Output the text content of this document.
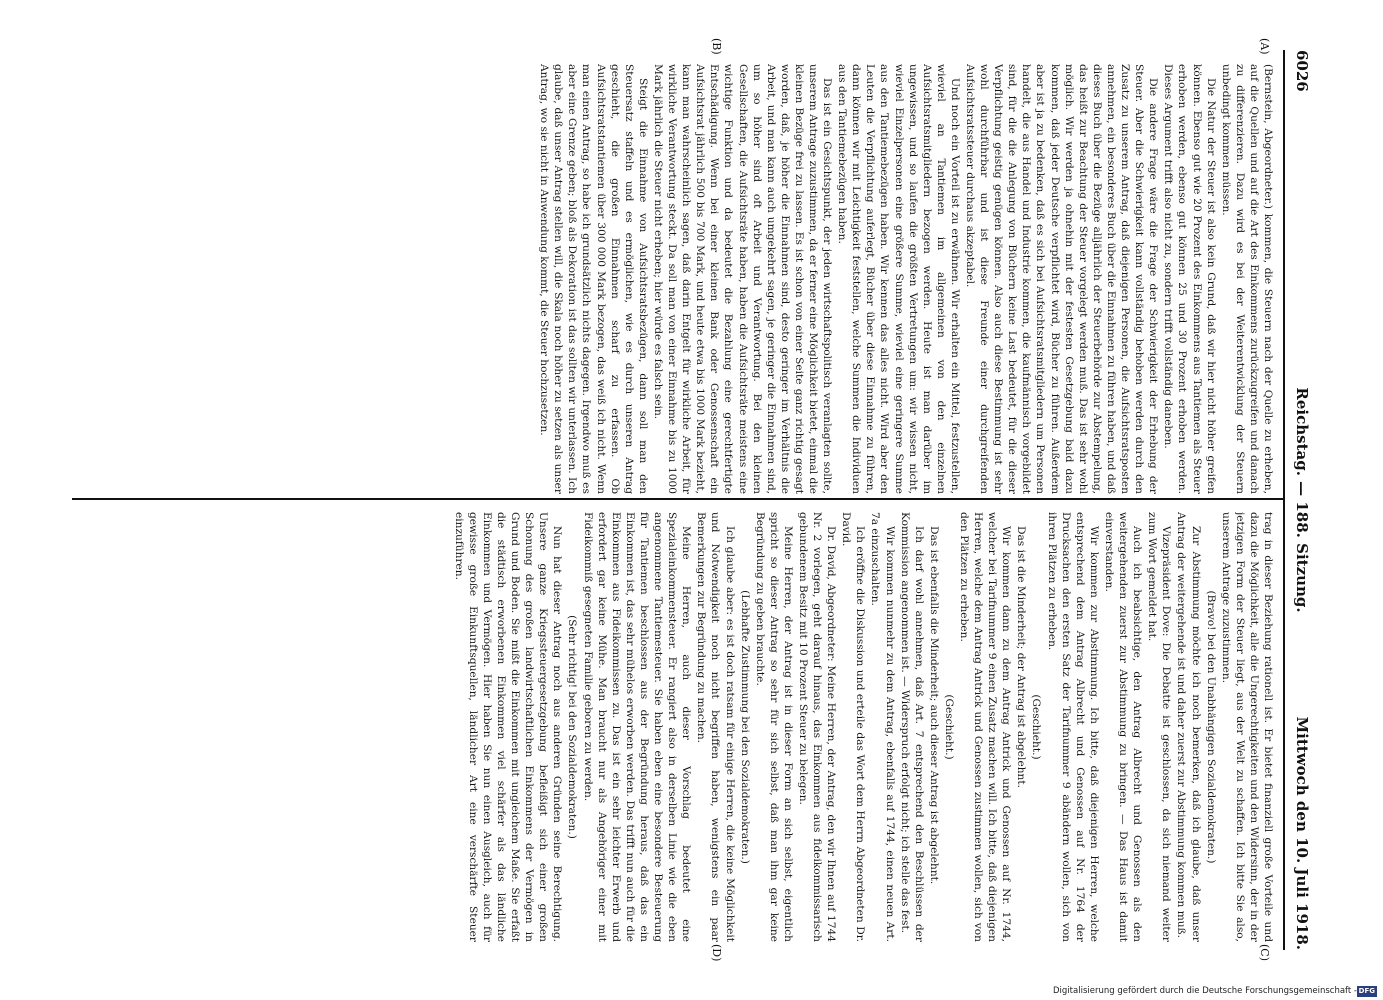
6026
Reichstag. — 188. Sitzung.
Mittwoch den 10. Juli 1918.
(A)
(B)
(C)
(D)

(Bernstein, Abgeordneter.) kommen, die Steuern nach der Quelle zu erheben, auf die Quellen und auf die Art des Einkommens zurückzugreifen und danach zu differenzieren. Dazu wird es bei der Weiterentwicklung der Steuern unbedingt kommen müssen.

Die Natur der Steuer ist also kein Grund, daß wir hier nicht höher greifen können. Ebenso gut wie 20 Prozent des Einkommens aus Tantiemen als Steuer erhoben werden, ebenso gut können 25 und 30 Prozent erhoben werden. Dieses Argument trifft also nicht zu, sondern trifft vollständig daneben.

Die andere Frage wäre die Frage der Schwierigkeit der Erhebung der Steuer. Aber die Schwierigkeit kann vollständig behoben werden durch den Zusatz zu unserem Antrag, daß diejenigen Personen, die Aufsichtsratsposten annehmen, ein besonderes Buch über die Einnahmen zu führen haben, und daß dieses Buch über die Bezüge alljährlich der Steuerbehörde zur Abstempelung, das heißt zur Beachtung der Steuer vorgelegt werden muß. Das ist sehr wohl möglich. Wir werden ja ohnehin mit der festesten Gesetzgebung bald dazu kommen, daß jeder Deutsche verpflichtet wird, Bücher zu führen. Außerdem aber ist ja zu bedenken, daß es sich bei Aufsichtsratsmitgliedern um Personen handelt, die aus Handel und Industrie kommen, die kaufmännisch vorgebildet sind, für die die Anlegung von Büchern keine Last bedeutet, für die dieser Verpflichtung geistig genügen können. Also auch diese Bestimmung ist sehr wohl durchführbar und ist diese Freunde einer durchgreifenden Aufsichtsratssteuer durchaus akzeptabel.

Und noch ein Vorteil ist zu erwähnen. Wir erhalten ein Mittel, festzustellen, wieviel an Tantiemen im allgemeinen von den einzelnen Aufsichtsratsmitgliedern bezogen werden. Heute ist man darüber im ungewissen, und so laufen die größten Vertretungen um: wir wissen nicht, wieviel Einzelpersonen eine größere Summe, wieviel eine geringere Summe aus den Tantiemebezügen haben. Wir kennen das alles nicht. Wird aber den Leuten die Verpflichtung auferlegt, Bücher über diese Einnahme zu führen, dann können wir mit Leichtigkeit feststellen, welche Summen die Individuen aus den Tantiemebezügen haben.

Das ist ein Gesichtspunkt, der jeden wirtschaftspolitisch veranlagten sollte, unserem Antrage zuzustimmen, da er ferner eine Möglichkeit bietet, einmal die kleinen Bezüge frei zu lassen. Es ist schon von einer Seite ganz richtig gesagt worden, daß, je höher die Einnahmen sind, desto geringer im Verhältnis die Arbeit, und man kann auch umgekehrt sagen, je geringer die Einnahmen sind, um so höher sind oft Arbeit und Verantwortung. Bei den kleinen Gesellschaften, die Aufsichtsräte haben, haben die Aufsichtsräte meistens eine wichtige Funktion und da bedeutet die Bezahlung eine gerechtfertigte Entschädigung. Wenn bei einer kleinen Bank oder Genossenschaft ein Aufsichtsrat jährlich 500 bis 700 Mark, und heute etwa bis 1000 Mark bezieht, kann man wahrscheinlich sagen, daß darin Entgelt für wirkliche Arbeit, für wirkliche Verantwortung steckt. Da soll man von einer Einnahme bis zu 1000 Mark jährlich die Steuer nicht erheben; hier würde es falsch sein.

Steigt die Einnahme von Aufsichtsratsbezügen, dann soll man den Steuersatz staffeln und es ermöglichen, wie es durch unseren Antrag geschieht, die großen Einnahmen scharf zu erfassen. Ob Aufsichtsratstantiemen über 300 000 Mark bezogen, das weiß ich nicht. Wenn man einen Antrag, so habe ich grundsätzlich nichts dagegen. Irgendwo muß es aber eine Grenze geben; bloß als Dekoration ist das sollten wir unterlassen. Ich glaube, daß unser Antrag stellen will, die Skala noch höher zu setzen als unser Antrag, wo sie nicht in Anwendung kommt, die Steuer hochzusetzen.

trag in dieser Beziehung rationell ist. Er bietet finanziell große Vorteile und dazu die Möglichkeit, alle die Ungerechtigkeiten und den Widersinn, der in der jetzigen Form der Steuer liegt, aus der Welt zu schaffen. Ich bitte Sie also, unserem Antrage zuzustimmen.

(Bravo! bei den Unabhängigen Sozialdemokraten.)

Zur Abstimmung möchte ich noch bemerken, daß ich glaube, daß unser Antrag der weitergehende ist und daher zuerst zur Abstimmung kommen muß.

Vizepräsident Dove: Die Debatte ist geschlossen, da sich niemand weiter zum Wort gemeldet hat.

Auch ich beabsichtige, den Antrag Albrecht und Genossen als den weitergehenden zuerst zur Abstimmung zu bringen. — Das Haus ist damit einverstanden.

Wir kommen zur Abstimmung. Ich bitte, daß diejenigen Herren, welche entsprechend dem Antrag Albrecht und Genossen auf Nr. 1764 der Drucksachen den ersten Satz der Tarifnummer 9 abändern wollen, sich von ihren Plätzen zu erheben.

(Geschieht.)

Das ist die Minderheit; der Antrag ist abgelehnt.

Wir kommen dann zu dem Antrag Antrick und Genossen auf Nr. 1744, welcher bei Tarifnummer 9 einen Zusatz machen will. Ich bitte, daß diejenigen Herren, welche dem Antrag Antrick und Genossen zustimmen wollen, sich von den Plätzen zu erheben.

(Geschieht.)

Das ist ebenfalls die Minderheit; auch dieser Antrag ist abgelehnt.

Ich darf wohl annehmen, daß Art. 7 entsprechend den Beschlüssen der Kommission angenommen ist. — Widerspruch erfolgt nicht; ich stelle das fest.

Wir kommen nunmehr zu dem Antrag, ebenfalls auf 1744, einen neuen Art. 7a einzuschalten.

Ich eröffne die Diskussion und erteile das Wort dem Herrn Abgeordneten Dr. David.

Dr. David, Abgeordneter: Meine Herren, der Antrag, den wir Ihnen auf 1744 Nr. 2 vorlegen, geht darauf hinaus, das Einkommen aus fideikommissarisch gebundenem Besitz mit 10 Prozent Steuer zu belegen.

Meine Herren, der Antrag ist in dieser Form an sich selbst, eigentlich spricht so dieser Antrag so sehr für sich selbst, daß man ihm gar keine Begründung zu geben brauchte.

(Lebhafte Zustimmung bei den Sozialdemokraten.)

Ich glaube aber: es ist doch ratsam für einige Herren, die keine Möglichkeit und Notwendigkeit noch nicht begriffen haben, wenigstens ein paar Bemerkungen zur Begründung zu machen.

Meine Herren, auch dieser Vorschlag bedeutet eine Spezialeinkommensteuer. Er rangiert also in derselben Linie wie die eben angenommene Tantiemesteuer. Sie haben eben eine besondere Besteuerung für Tantiemen beschlossen aus der Begründung heraus, daß das ein Einkommen ist, das sehr mühelos erworben werden. Das trifft nun auch für die Einkommen aus Fideikommissen zu. Das ist ein sehr leichter Erwerb und erfordert gar keine Mühe. Man braucht nur als Angehöriger einer mit Fideikommiß gesegneten Familie geboren zu werden.

(Sehr richtig! bei den Sozialdemokraten.)

Nun hat dieser Antrag noch aus anderen Gründen seine Berechtigung. Unsere ganze Kriegssteuergesetzgebung befleißigt sich einer großen Schonung des großen landwirtschaftlichen Einkommens der Vermögen in Grund und Boden. Sie mißt die Einkommen mit ungleichem Maße. Sie erfaßt die städtisch erworbenen Einkommen viel schärfer als das ländliche Einkommen und Vermögen. Hier haben Sie nun einen Ausgleich, auch für gewisse große Einkunftsquellen, ländlicher Art eine verschärfte Steuer einzuführen.

Digitalisierung gefördert durch die Deutsche Forschungsgemeinschaft - DFG
